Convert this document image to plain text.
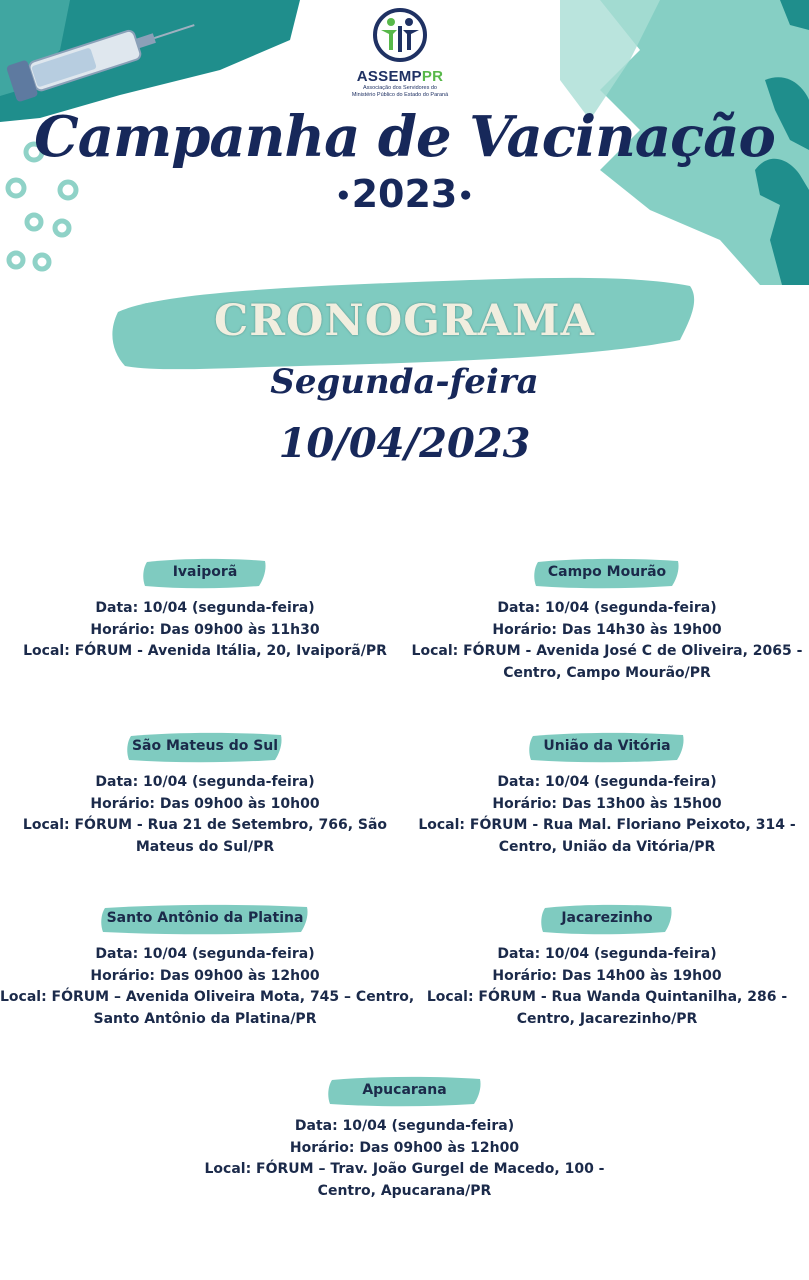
ASSEMPPR
Associação dos Servidores do
Ministério Público do Estado do Paraná
Campanha de Vacinação
•2023•
CRONOGRAMA
Segunda-feira
10/04/2023
Ivaiporã
Data: 10/04 (segunda-feira)
Horário: Das 09h00 às 11h30
Local: FÓRUM - Avenida Itália, 20, Ivaiporã/PR
Campo Mourão
Data: 10/04 (segunda-feira)
Horário: Das 14h30 às 19h00
Local: FÓRUM - Avenida José C de Oliveira, 2065 -
Centro, Campo Mourão/PR
São Mateus do Sul
Data: 10/04 (segunda-feira)
Horário: Das 09h00 às 10h00
Local: FÓRUM - Rua 21 de Setembro, 766, São
Mateus do Sul/PR
União da Vitória
Data: 10/04 (segunda-feira)
Horário: Das 13h00 às 15h00
Local: FÓRUM - Rua Mal. Floriano Peixoto, 314 -
Centro, União da Vitória/PR
Santo Antônio da Platina
Data: 10/04 (segunda-feira)
Horário: Das 09h00 às 12h00
Local: FÓRUM – Avenida Oliveira Mota, 745 – Centro,
Santo Antônio da Platina/PR
Jacarezinho
Data: 10/04 (segunda-feira)
Horário: Das 14h00 às 19h00
Local: FÓRUM - Rua Wanda Quintanilha, 286 -
Centro, Jacarezinho/PR
Apucarana
Data: 10/04 (segunda-feira)
Horário: Das 09h00 às 12h00
Local: FÓRUM – Trav. João Gurgel de Macedo, 100 -
Centro, Apucarana/PR
